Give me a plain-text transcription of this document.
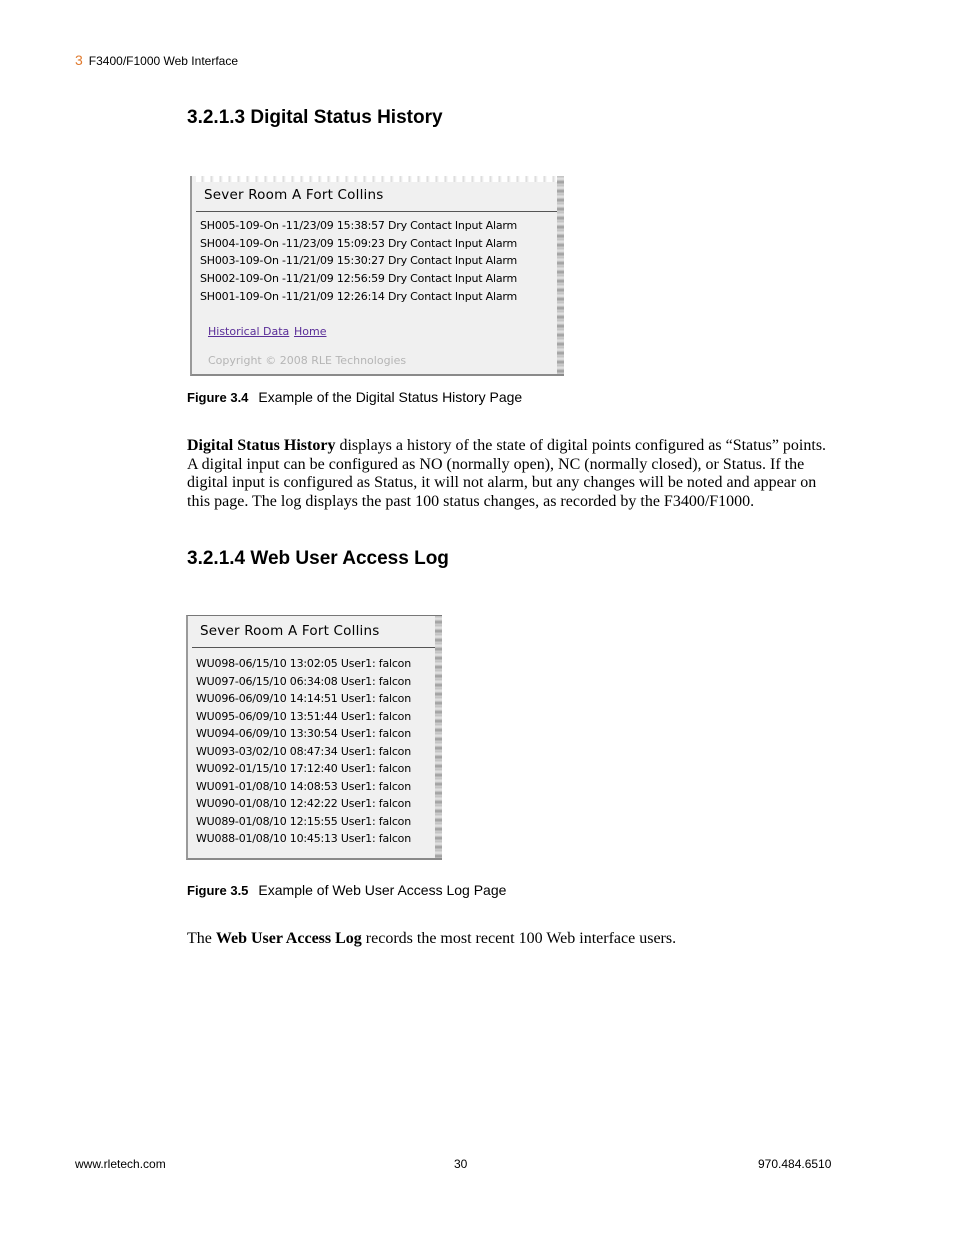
3 F3400/F1000 Web Interface
3.2.1.3 Digital Status History
Sever Room A Fort Collins
SH005-109-On -11/23/09 15:38:57 Dry Contact Input Alarm
SH004-109-On -11/23/09 15:09:23 Dry Contact Input Alarm
SH003-109-On -11/21/09 15:30:27 Dry Contact Input Alarm
SH002-109-On -11/21/09 12:56:59 Dry Contact Input Alarm
SH001-109-On -11/21/09 12:26:14 Dry Contact Input Alarm
Historical Data Home
Copyright © 2008 RLE Technologies
Figure 3.4 Example of the Digital Status History Page

Digital Status History displays a history of the state of digital points configured as “Status” points. A digital input can be configured as NO (normally open), NC (normally closed), or Status. If the digital input is configured as Status, it will not alarm, but any changes will be noted and appear on this page. The log displays the past 100 status changes, as recorded by the F3400/F1000.

3.2.1.4 Web User Access Log
Sever Room A Fort Collins
WU098-06/15/10 13:02:05 User1: falcon
WU097-06/15/10 06:34:08 User1: falcon
WU096-06/09/10 14:14:51 User1: falcon
WU095-06/09/10 13:51:44 User1: falcon
WU094-06/09/10 13:30:54 User1: falcon
WU093-03/02/10 08:47:34 User1: falcon
WU092-01/15/10 17:12:40 User1: falcon
WU091-01/08/10 14:08:53 User1: falcon
WU090-01/08/10 12:42:22 User1: falcon
WU089-01/08/10 12:15:55 User1: falcon
WU088-01/08/10 10:45:13 User1: falcon
Figure 3.5 Example of Web User Access Log Page

The Web User Access Log records the most recent 100 Web interface users.

www.rletech.com	30	970.484.6510
